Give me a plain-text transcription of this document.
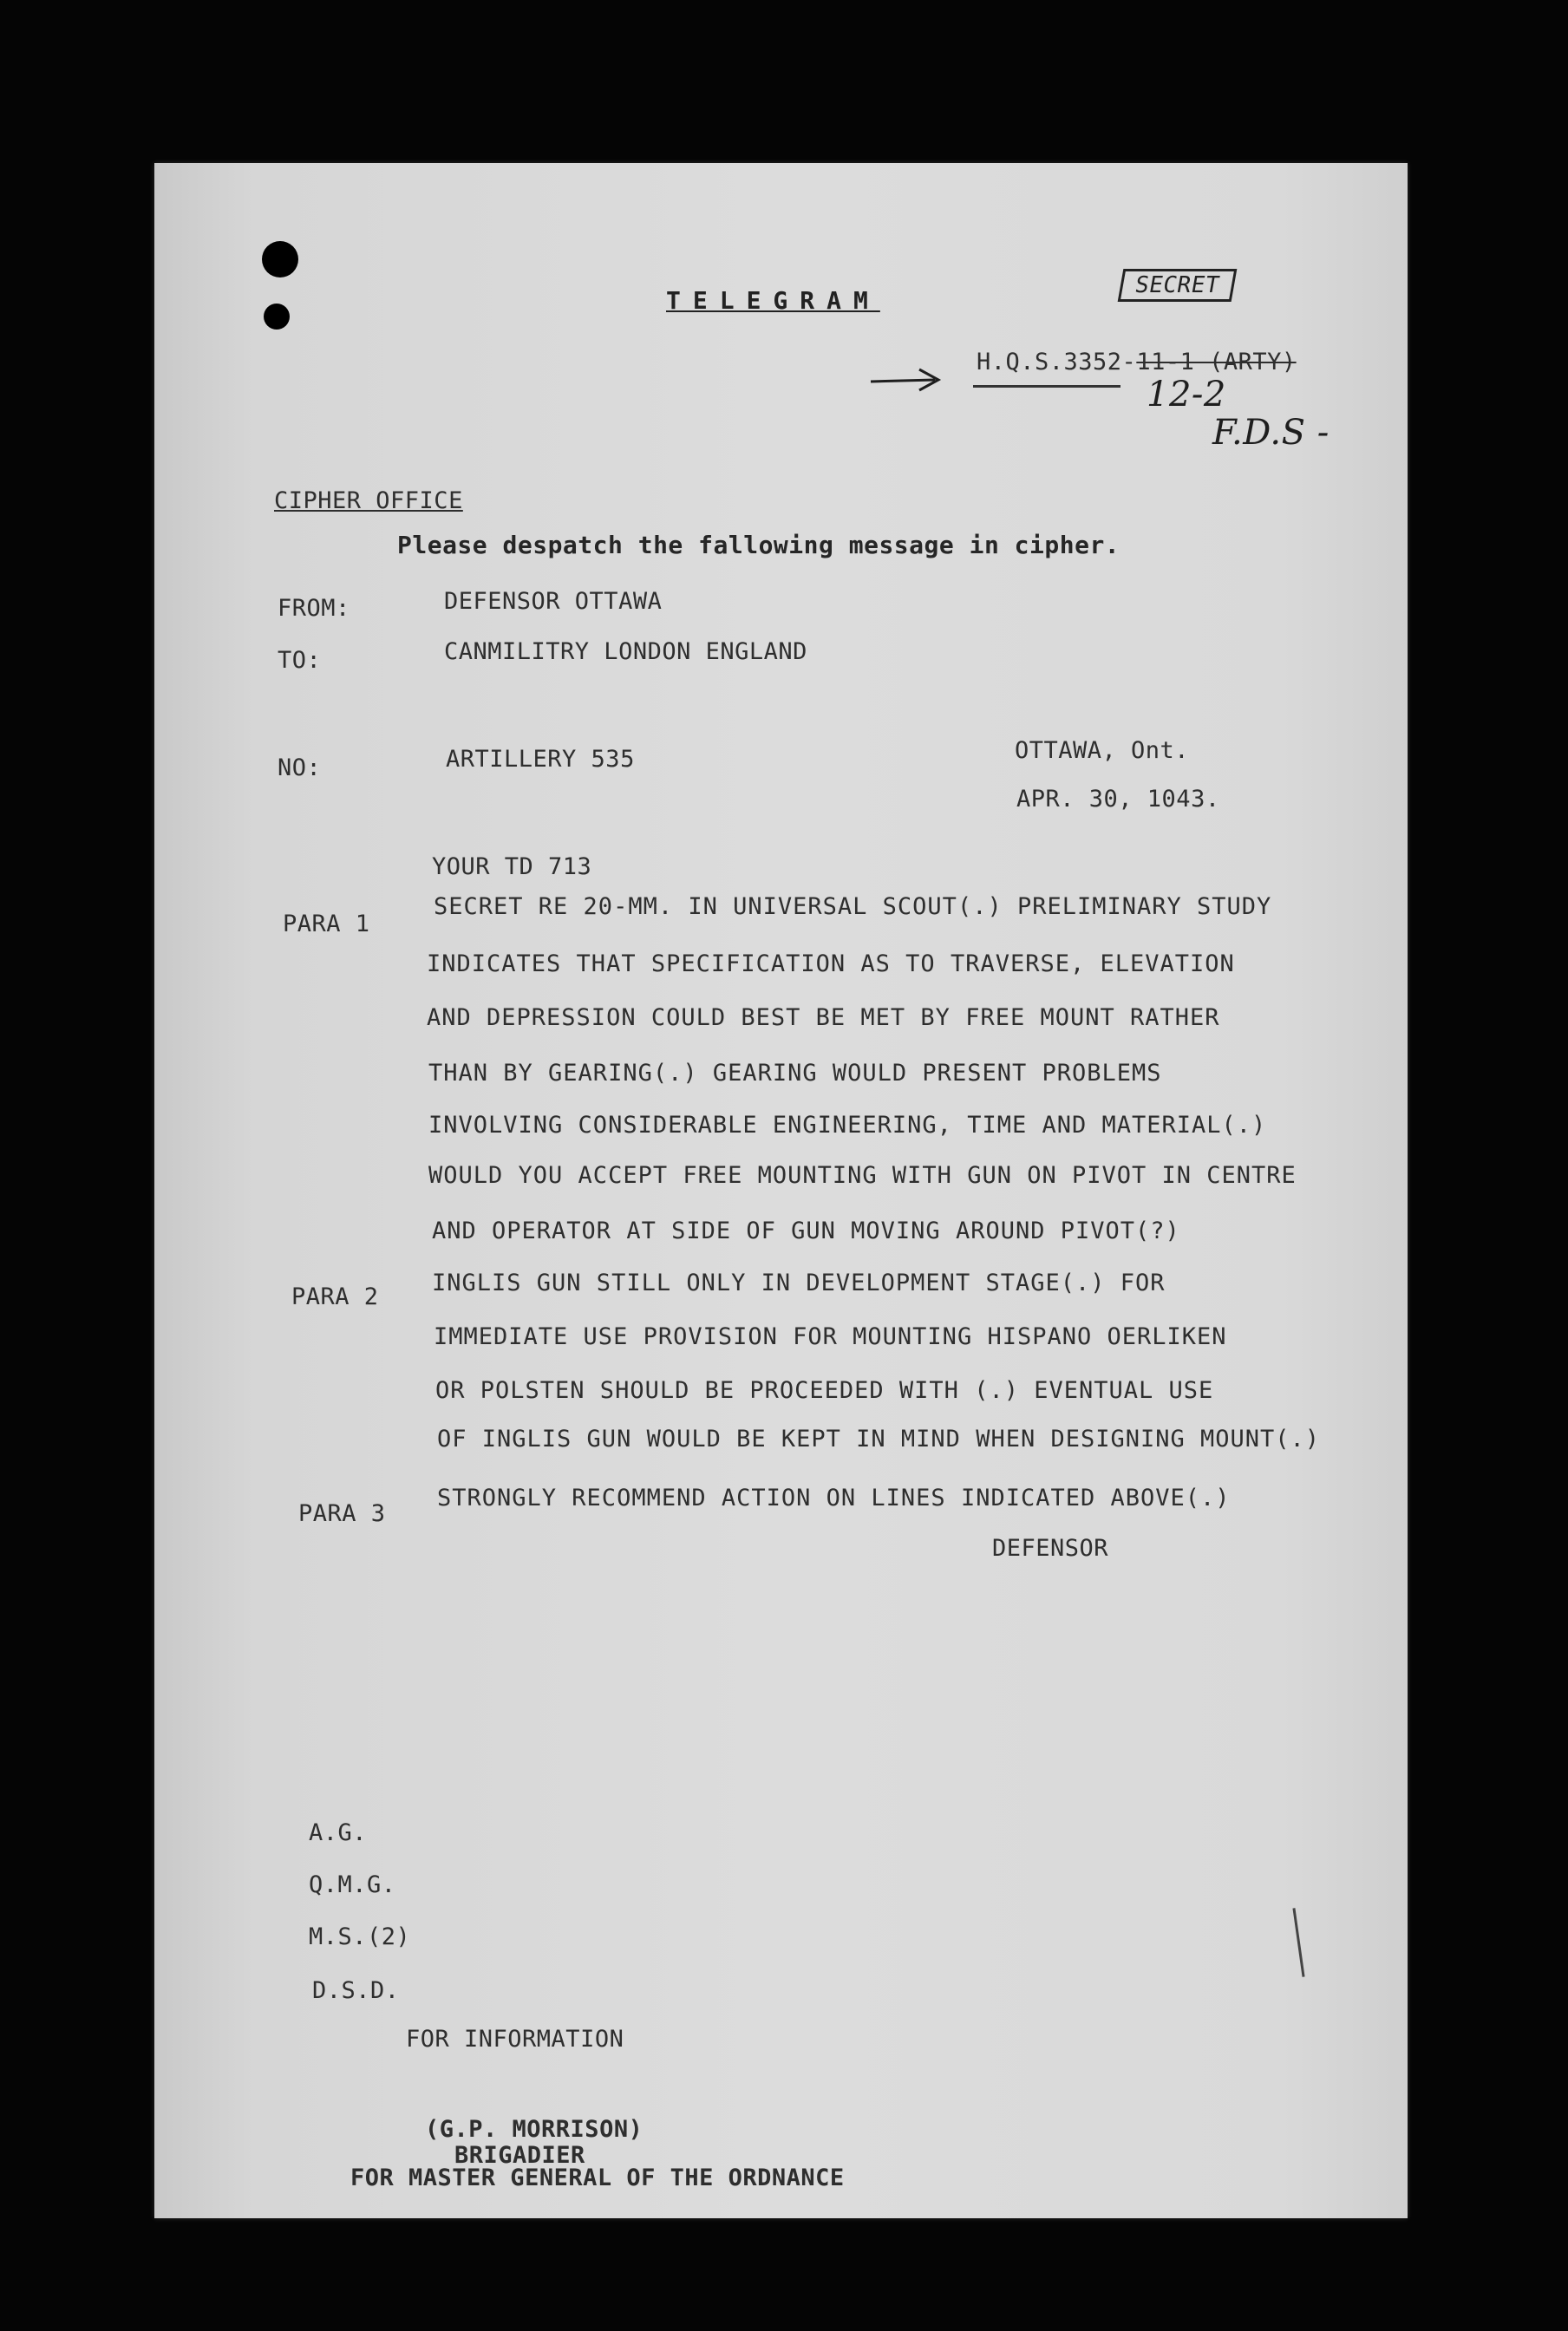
TELEGRAM
SECRET
H.Q.S.3352-11-1 (ARTY)
12-2
F.D.S -
CIPHER OFFICE
Please despatch the fallowing message in cipher.
FROM:	DEFENSOR OTTAWA
TO:	CANMILITRY LONDON ENGLAND
NO:	ARTILLERY 535	OTTAWA, Ont.
APR. 30, 1043.
YOUR TD 713
PARA 1
SECRET RE 20-MM. IN UNIVERSAL SCOUT(.) PRELIMINARY STUDY
INDICATES THAT SPECIFICATION AS TO TRAVERSE, ELEVATION
AND DEPRESSION COULD BEST BE MET BY FREE MOUNT RATHER
THAN BY GEARING(.) GEARING WOULD PRESENT PROBLEMS
INVOLVING CONSIDERABLE ENGINEERING, TIME AND MATERIAL(.)
WOULD YOU ACCEPT FREE MOUNTING WITH GUN ON PIVOT IN CENTRE
AND OPERATOR AT SIDE OF GUN MOVING AROUND PIVOT(?)
PARA 2
INGLIS GUN STILL ONLY IN DEVELOPMENT STAGE(.) FOR
IMMEDIATE USE PROVISION FOR MOUNTING HISPANO OERLIKEN
OR POLSTEN SHOULD BE PROCEEDED WITH (.) EVENTUAL USE
OF INGLIS GUN WOULD BE KEPT IN MIND WHEN DESIGNING MOUNT(.)
PARA 3
STRONGLY RECOMMEND ACTION ON LINES INDICATED ABOVE(.)
DEFENSOR
A.G.
Q.M.G.
M.S.(2)
D.S.D.
FOR INFORMATION
(G.P. MORRISON)
BRIGADIER
FOR MASTER GENERAL OF THE ORDNANCE
